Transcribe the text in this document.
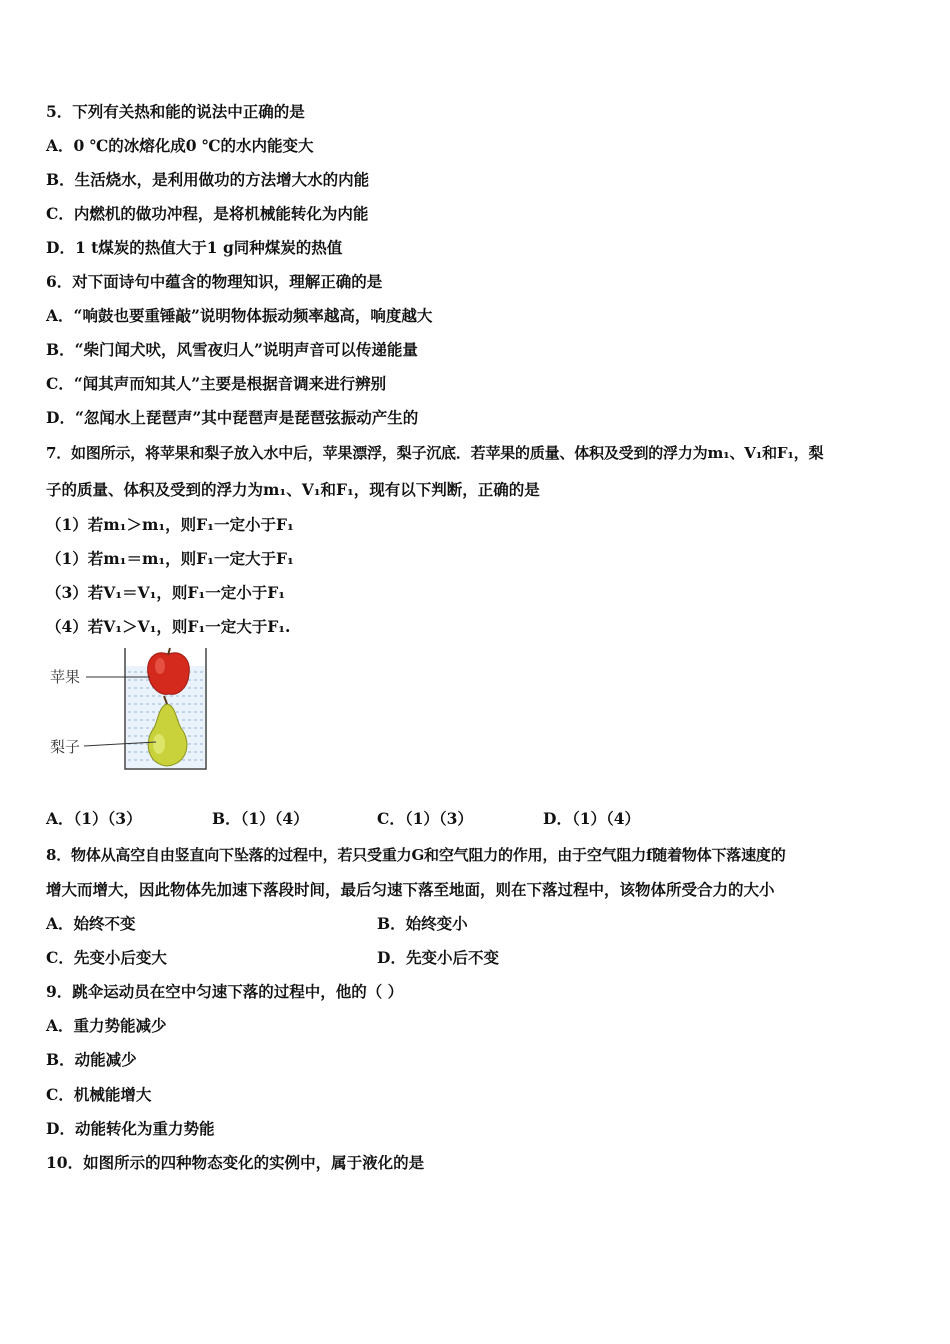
5．下列有关热和能的说法中正确的是
A．0 ℃的冰熔化成0 ℃的水内能变大
B．生活烧水，是利用做功的方法增大水的内能
C．内燃机的做功冲程，是将机械能转化为内能
D．1 t煤炭的热值大于1 g同种煤炭的热值
6．对下面诗句中蕴含的物理知识，理解正确的是
A．“响鼓也要重锤敲”说明物体振动频率越高，响度越大
B．“柴门闻犬吠，风雪夜归人”说明声音可以传递能量
C．“闻其声而知其人”主要是根据音调来进行辨别
D．“忽闻水上琵琶声”其中琵琶声是琵琶弦振动产生的
7．如图所示，将苹果和梨子放入水中后，苹果漂浮，梨子沉底．若苹果的质量、体积及受到的浮力为m₁、V₁和F₁，梨
子的质量、体积及受到的浮力为m₁、V₁和F₁，现有以下判断，正确的是
（1）若m₁＞m₁，则F₁一定小于F₁
（1）若m₁＝m₁，则F₁一定大于F₁
（3）若V₁＝V₁，则F₁一定小于F₁
（4）若V₁＞V₁，则F₁一定大于F₁.
苹果
梨子
A．（1）（3）	B．（1）（4）	C．（1）（3）	D．（1）（4）
8．物体从高空自由竖直向下坠落的过程中，若只受重力G和空气阻力的作用，由于空气阻力f随着物体下落速度的
增大而增大，因此物体先加速下落段时间，最后匀速下落至地面，则在下落过程中，该物体所受合力的大小
A．始终不变	B．始终变小
C．先变小后变大	D．先变小后不变
9．跳伞运动员在空中匀速下落的过程中，他的（ ）
A．重力势能减少
B．动能减少
C．机械能增大
D．动能转化为重力势能
10．如图所示的四种物态变化的实例中，属于液化的是
